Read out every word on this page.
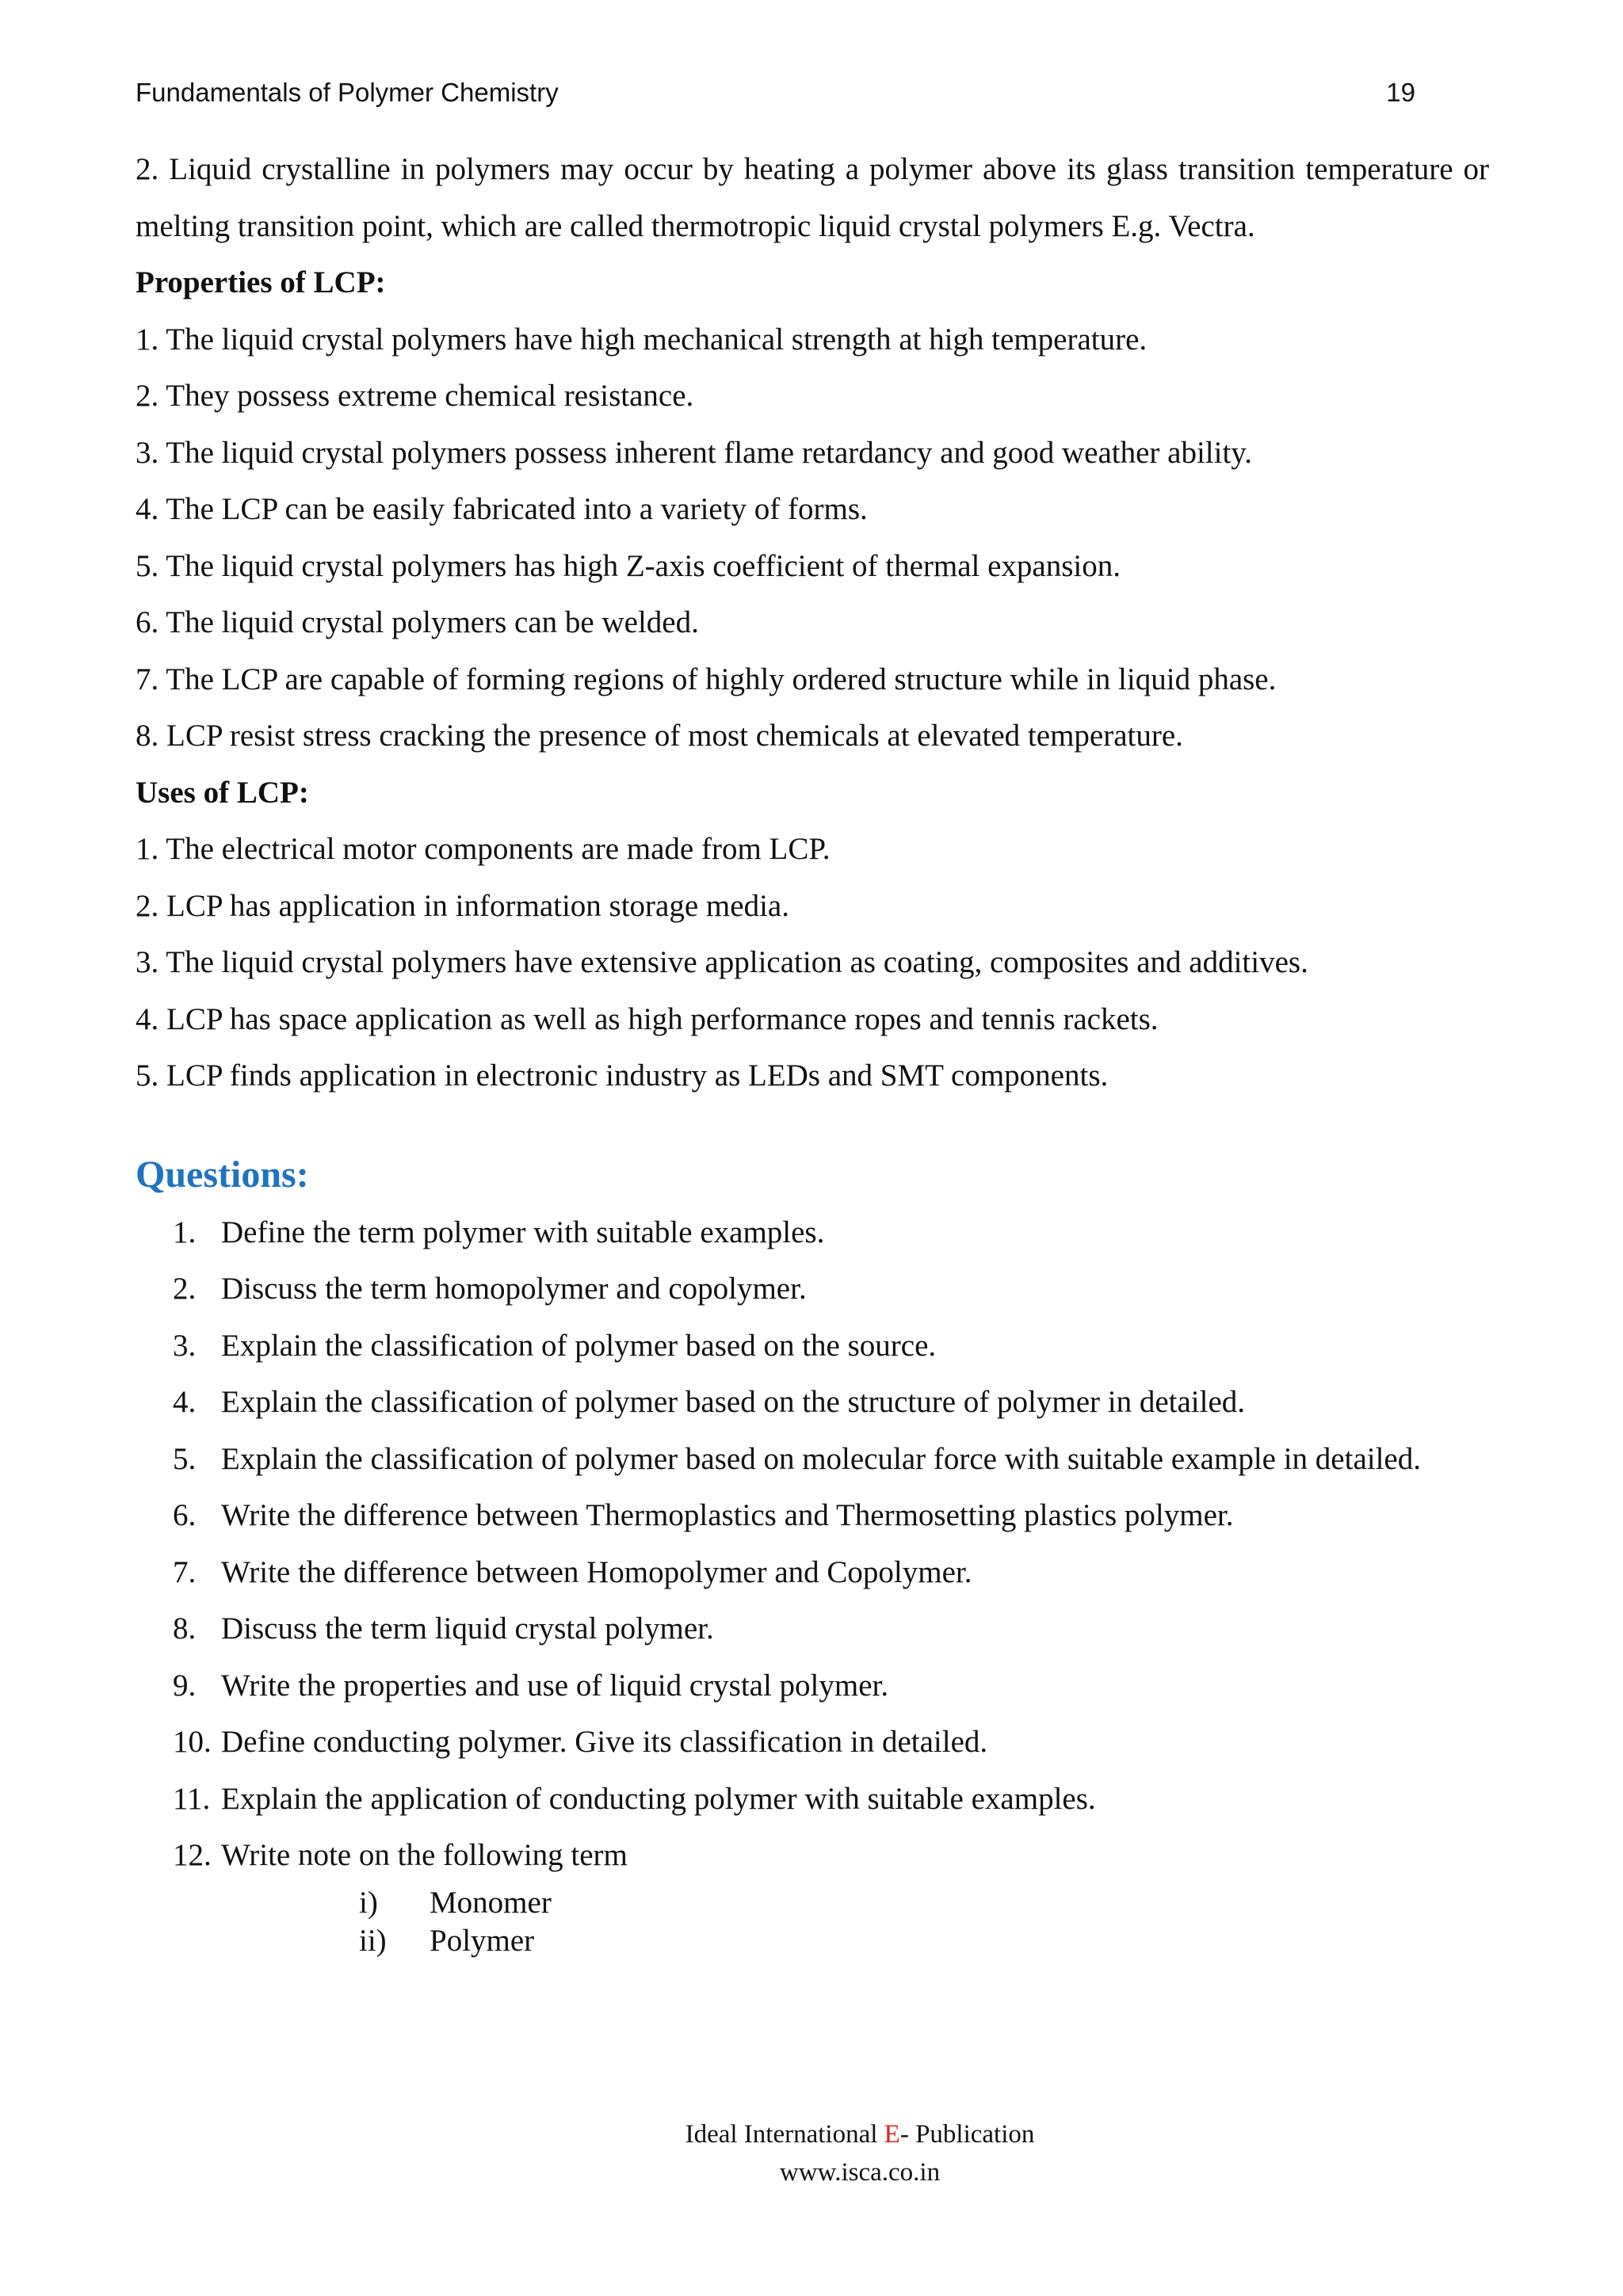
Fundamentals of Polymer Chemistry	19
2. Liquid crystalline in polymers may occur by heating a polymer above its glass transition temperature or melting transition point, which are called thermotropic liquid crystal polymers E.g. Vectra.
Properties of LCP:
1. The liquid crystal polymers have high mechanical strength at high temperature.
2. They possess extreme chemical resistance.
3. The liquid crystal polymers possess inherent flame retardancy and good weather ability.
4. The LCP can be easily fabricated into a variety of forms.
5. The liquid crystal polymers has high Z-axis coefficient of thermal expansion.
6. The liquid crystal polymers can be welded.
7. The LCP are capable of forming regions of highly ordered structure while in liquid phase.
8. LCP resist stress cracking the presence of most chemicals at elevated temperature.
Uses of LCP:
1. The electrical motor components are made from LCP.
2. LCP has application in information storage media.
3. The liquid crystal polymers have extensive application as coating, composites and additives.
4. LCP has space application as well as high performance ropes and tennis rackets.
5. LCP finds application in electronic industry as LEDs and SMT components.
Questions:
1. Define the term polymer with suitable examples.
2. Discuss the term homopolymer and copolymer.
3. Explain the classification of polymer based on the source.
4. Explain the classification of polymer based on the structure of polymer in detailed.
5. Explain the classification of polymer based on molecular force with suitable example in detailed.
6. Write the difference between Thermoplastics and Thermosetting plastics polymer.
7. Write the difference between Homopolymer and Copolymer.
8. Discuss the term liquid crystal polymer.
9. Write the properties and use of liquid crystal polymer.
10. Define conducting polymer. Give its classification in detailed.
11. Explain the application of conducting polymer with suitable examples.
12. Write note on the following term
i) Monomer
ii) Polymer
Ideal International E- Publication
www.isca.co.in
